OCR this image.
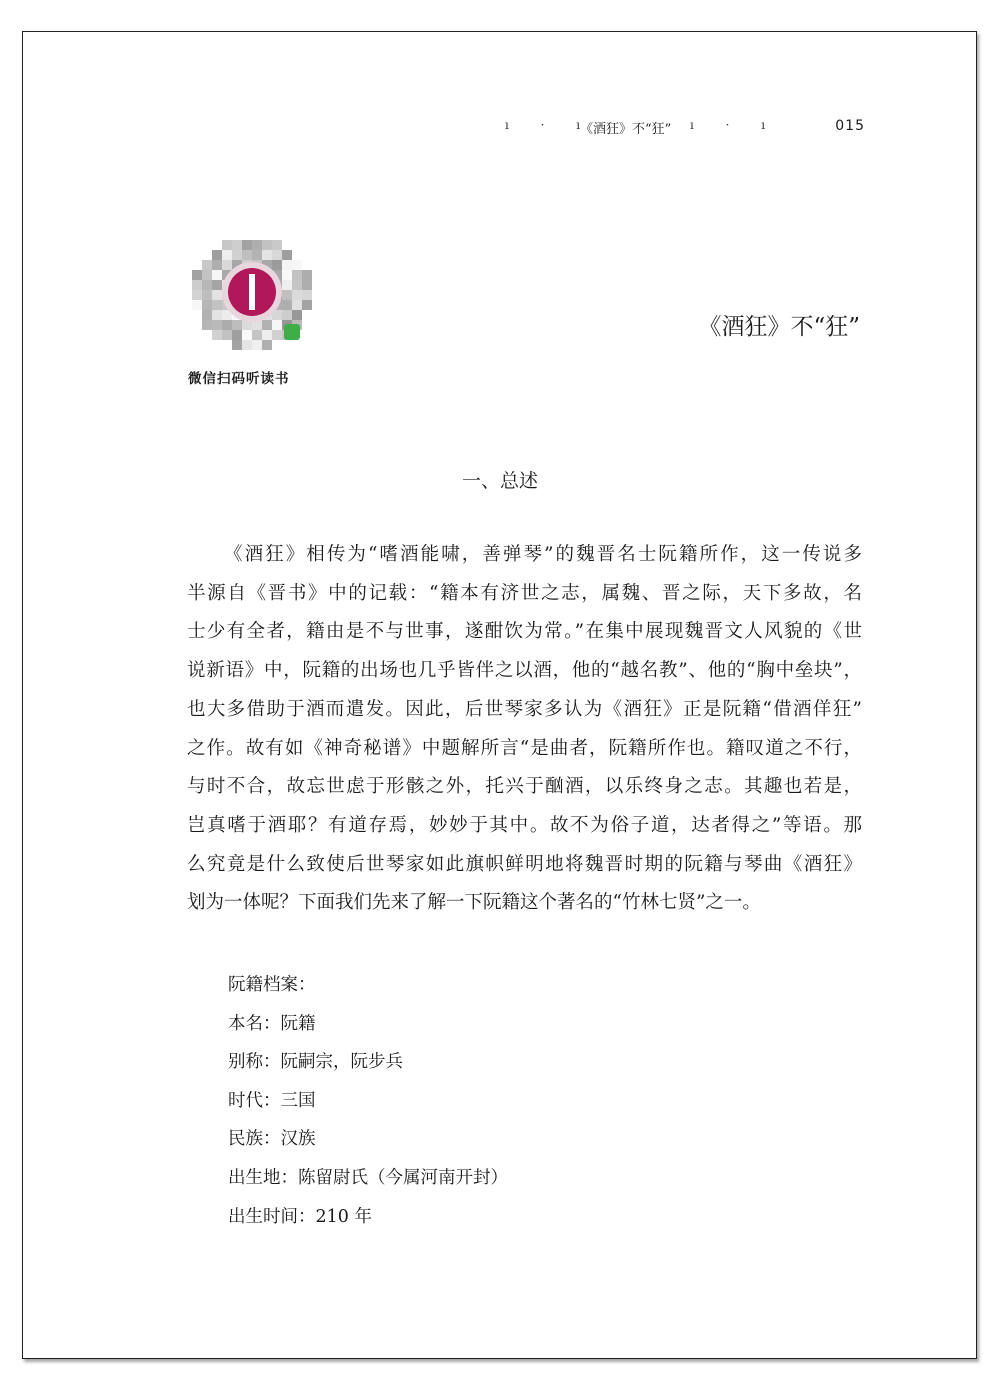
ı · ı
《酒狂》不“狂” ı · ı	015
微信扫码听读书
《酒狂》不“狂”
一、总述
《酒狂》相传为“嗜酒能啸，善弹琴”的魏晋名士阮籍所作，这一传说多
半源自《晋书》中的记载：“籍本有济世之志，属魏、晋之际，天下多故，名
士少有全者，籍由是不与世事，遂酣饮为常。”在集中展现魏晋文人风貌的《世
说新语》中，阮籍的出场也几乎皆伴之以酒，他的“越名教”、他的“胸中垒块”，
也大多借助于酒而遣发。因此，后世琴家多认为《酒狂》正是阮籍“借酒佯狂”
之作。故有如《神奇秘谱》中题解所言“是曲者，阮籍所作也。籍叹道之不行，
与时不合，故忘世虑于形骸之外，托兴于酗酒，以乐终身之志。其趣也若是，
岂真嗜于酒耶？有道存焉，妙妙于其中。故不为俗子道，达者得之”等语。那
么究竟是什么致使后世琴家如此旗帜鲜明地将魏晋时期的阮籍与琴曲《酒狂》
划为一体呢？下面我们先来了解一下阮籍这个著名的“竹林七贤”之一。
阮籍档案：
本名：阮籍
别称：阮嗣宗，阮步兵
时代：三国
民族：汉族
出生地：陈留尉氏（今属河南开封）
出生时间：210 年
